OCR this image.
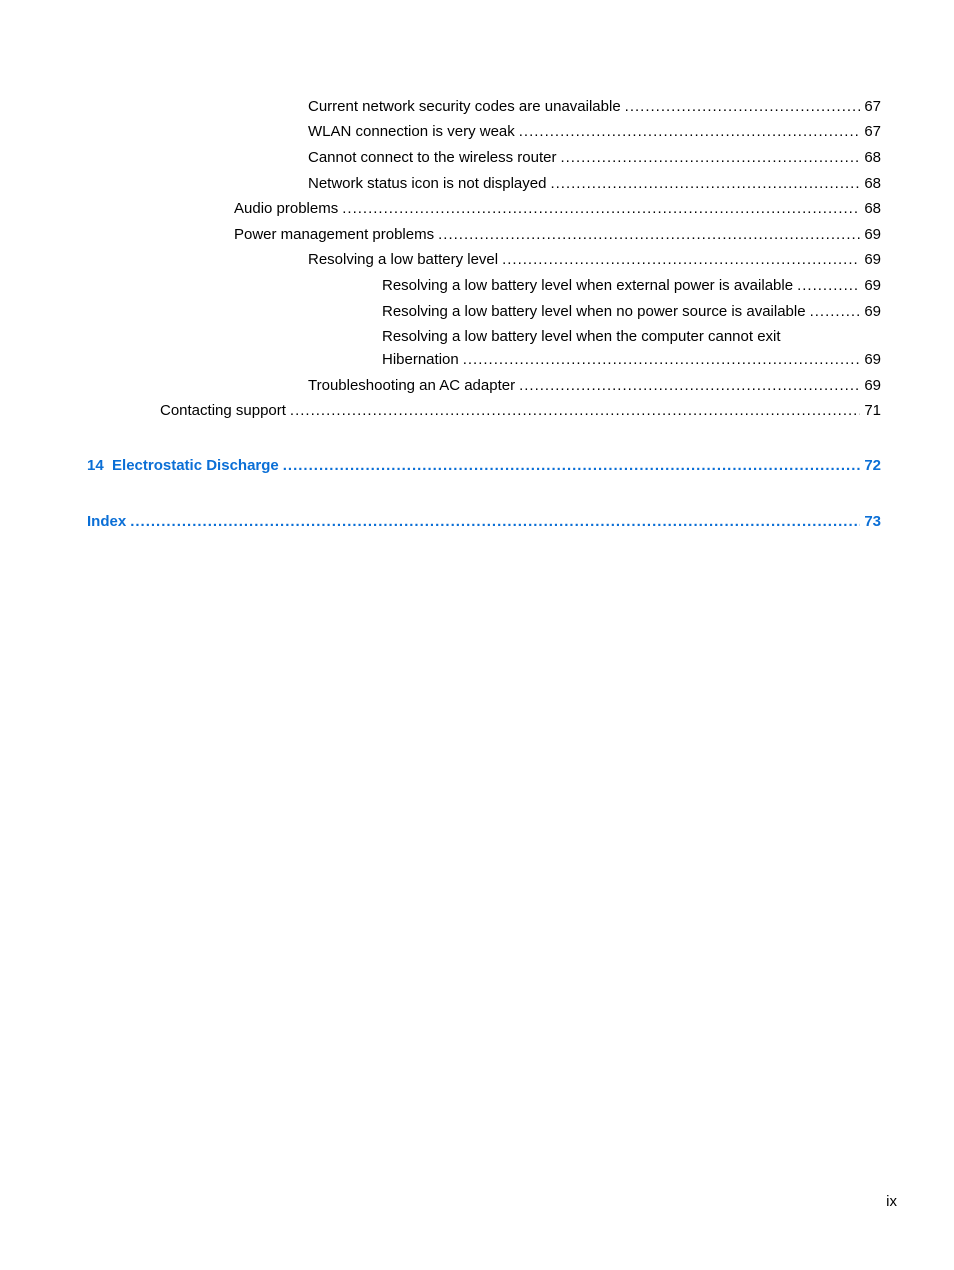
Current network security codes are unavailable .....	67
WLAN connection is very weak .....	67
Cannot connect to the wireless router .....	68
Network status icon is not displayed .....	68
Audio problems .....	68
Power management problems .....	69
Resolving a low battery level .....	69
Resolving a low battery level when external power is available .....	69
Resolving a low battery level when no power source is available .....	69
Resolving a low battery level when the computer cannot exit
Hibernation .....	69
Troubleshooting an AC adapter .....	69
Contacting support .....	71
14  Electrostatic Discharge .....	72
Index .....	73
ix
